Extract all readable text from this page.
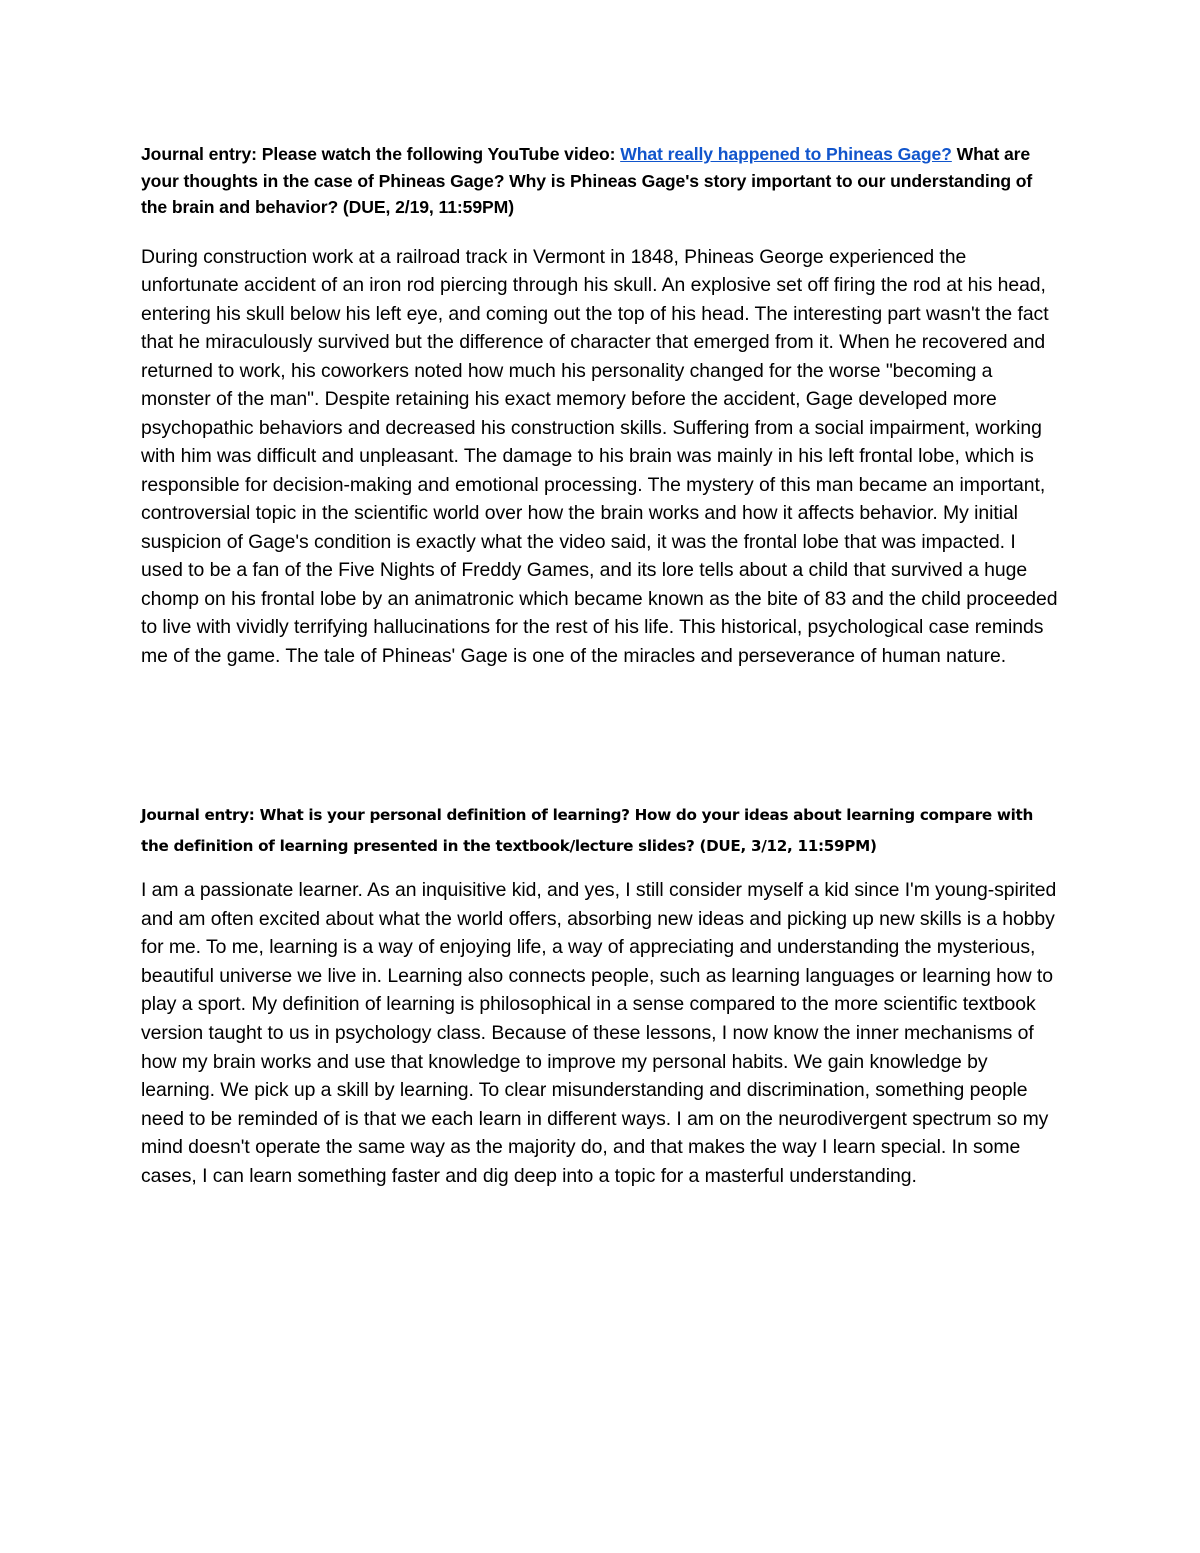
Journal entry: Please watch the following YouTube video: What really happened to Phineas Gage? What are your thoughts in the case of Phineas Gage? Why is Phineas Gage's story important to our understanding of the brain and behavior? (DUE, 2/19, 11:59PM)

During construction work at a railroad track in Vermont in 1848, Phineas George experienced the unfortunate accident of an iron rod piercing through his skull. An explosive set off firing the rod at his head, entering his skull below his left eye, and coming out the top of his head. The interesting part wasn't the fact that he miraculously survived but the difference of character that emerged from it. When he recovered and returned to work, his coworkers noted how much his personality changed for the worse "becoming a monster of the man". Despite retaining his exact memory before the accident, Gage developed more psychopathic behaviors and decreased his construction skills. Suffering from a social impairment, working with him was difficult and unpleasant. The damage to his brain was mainly in his left frontal lobe, which is responsible for decision-making and emotional processing. The mystery of this man became an important, controversial topic in the scientific world over how the brain works and how it affects behavior. My initial suspicion of Gage's condition is exactly what the video said, it was the frontal lobe that was impacted. I used to be a fan of the Five Nights of Freddy Games, and its lore tells about a child that survived a huge chomp on his frontal lobe by an animatronic which became known as the bite of 83 and the child proceeded to live with vividly terrifying hallucinations for the rest of his life. This historical, psychological case reminds me of the game. The tale of Phineas' Gage is one of the miracles and perseverance of human nature.

Journal entry: What is your personal definition of learning? How do your ideas about learning compare with the definition of learning presented in the textbook/lecture slides? (DUE, 3/12, 11:59PM)

I am a passionate learner. As an inquisitive kid, and yes, I still consider myself a kid since I'm young-spirited and am often excited about what the world offers, absorbing new ideas and picking up new skills is a hobby for me. To me, learning is a way of enjoying life, a way of appreciating and understanding the mysterious, beautiful universe we live in. Learning also connects people, such as learning languages or learning how to play a sport. My definition of learning is philosophical in a sense compared to the more scientific textbook version taught to us in psychology class. Because of these lessons, I now know the inner mechanisms of how my brain works and use that knowledge to improve my personal habits. We gain knowledge by learning. We pick up a skill by learning. To clear misunderstanding and discrimination, something people need to be reminded of is that we each learn in different ways. I am on the neurodivergent spectrum so my mind doesn't operate the same way as the majority do, and that makes the way I learn special. In some cases, I can learn something faster and dig deep into a topic for a masterful understanding.
